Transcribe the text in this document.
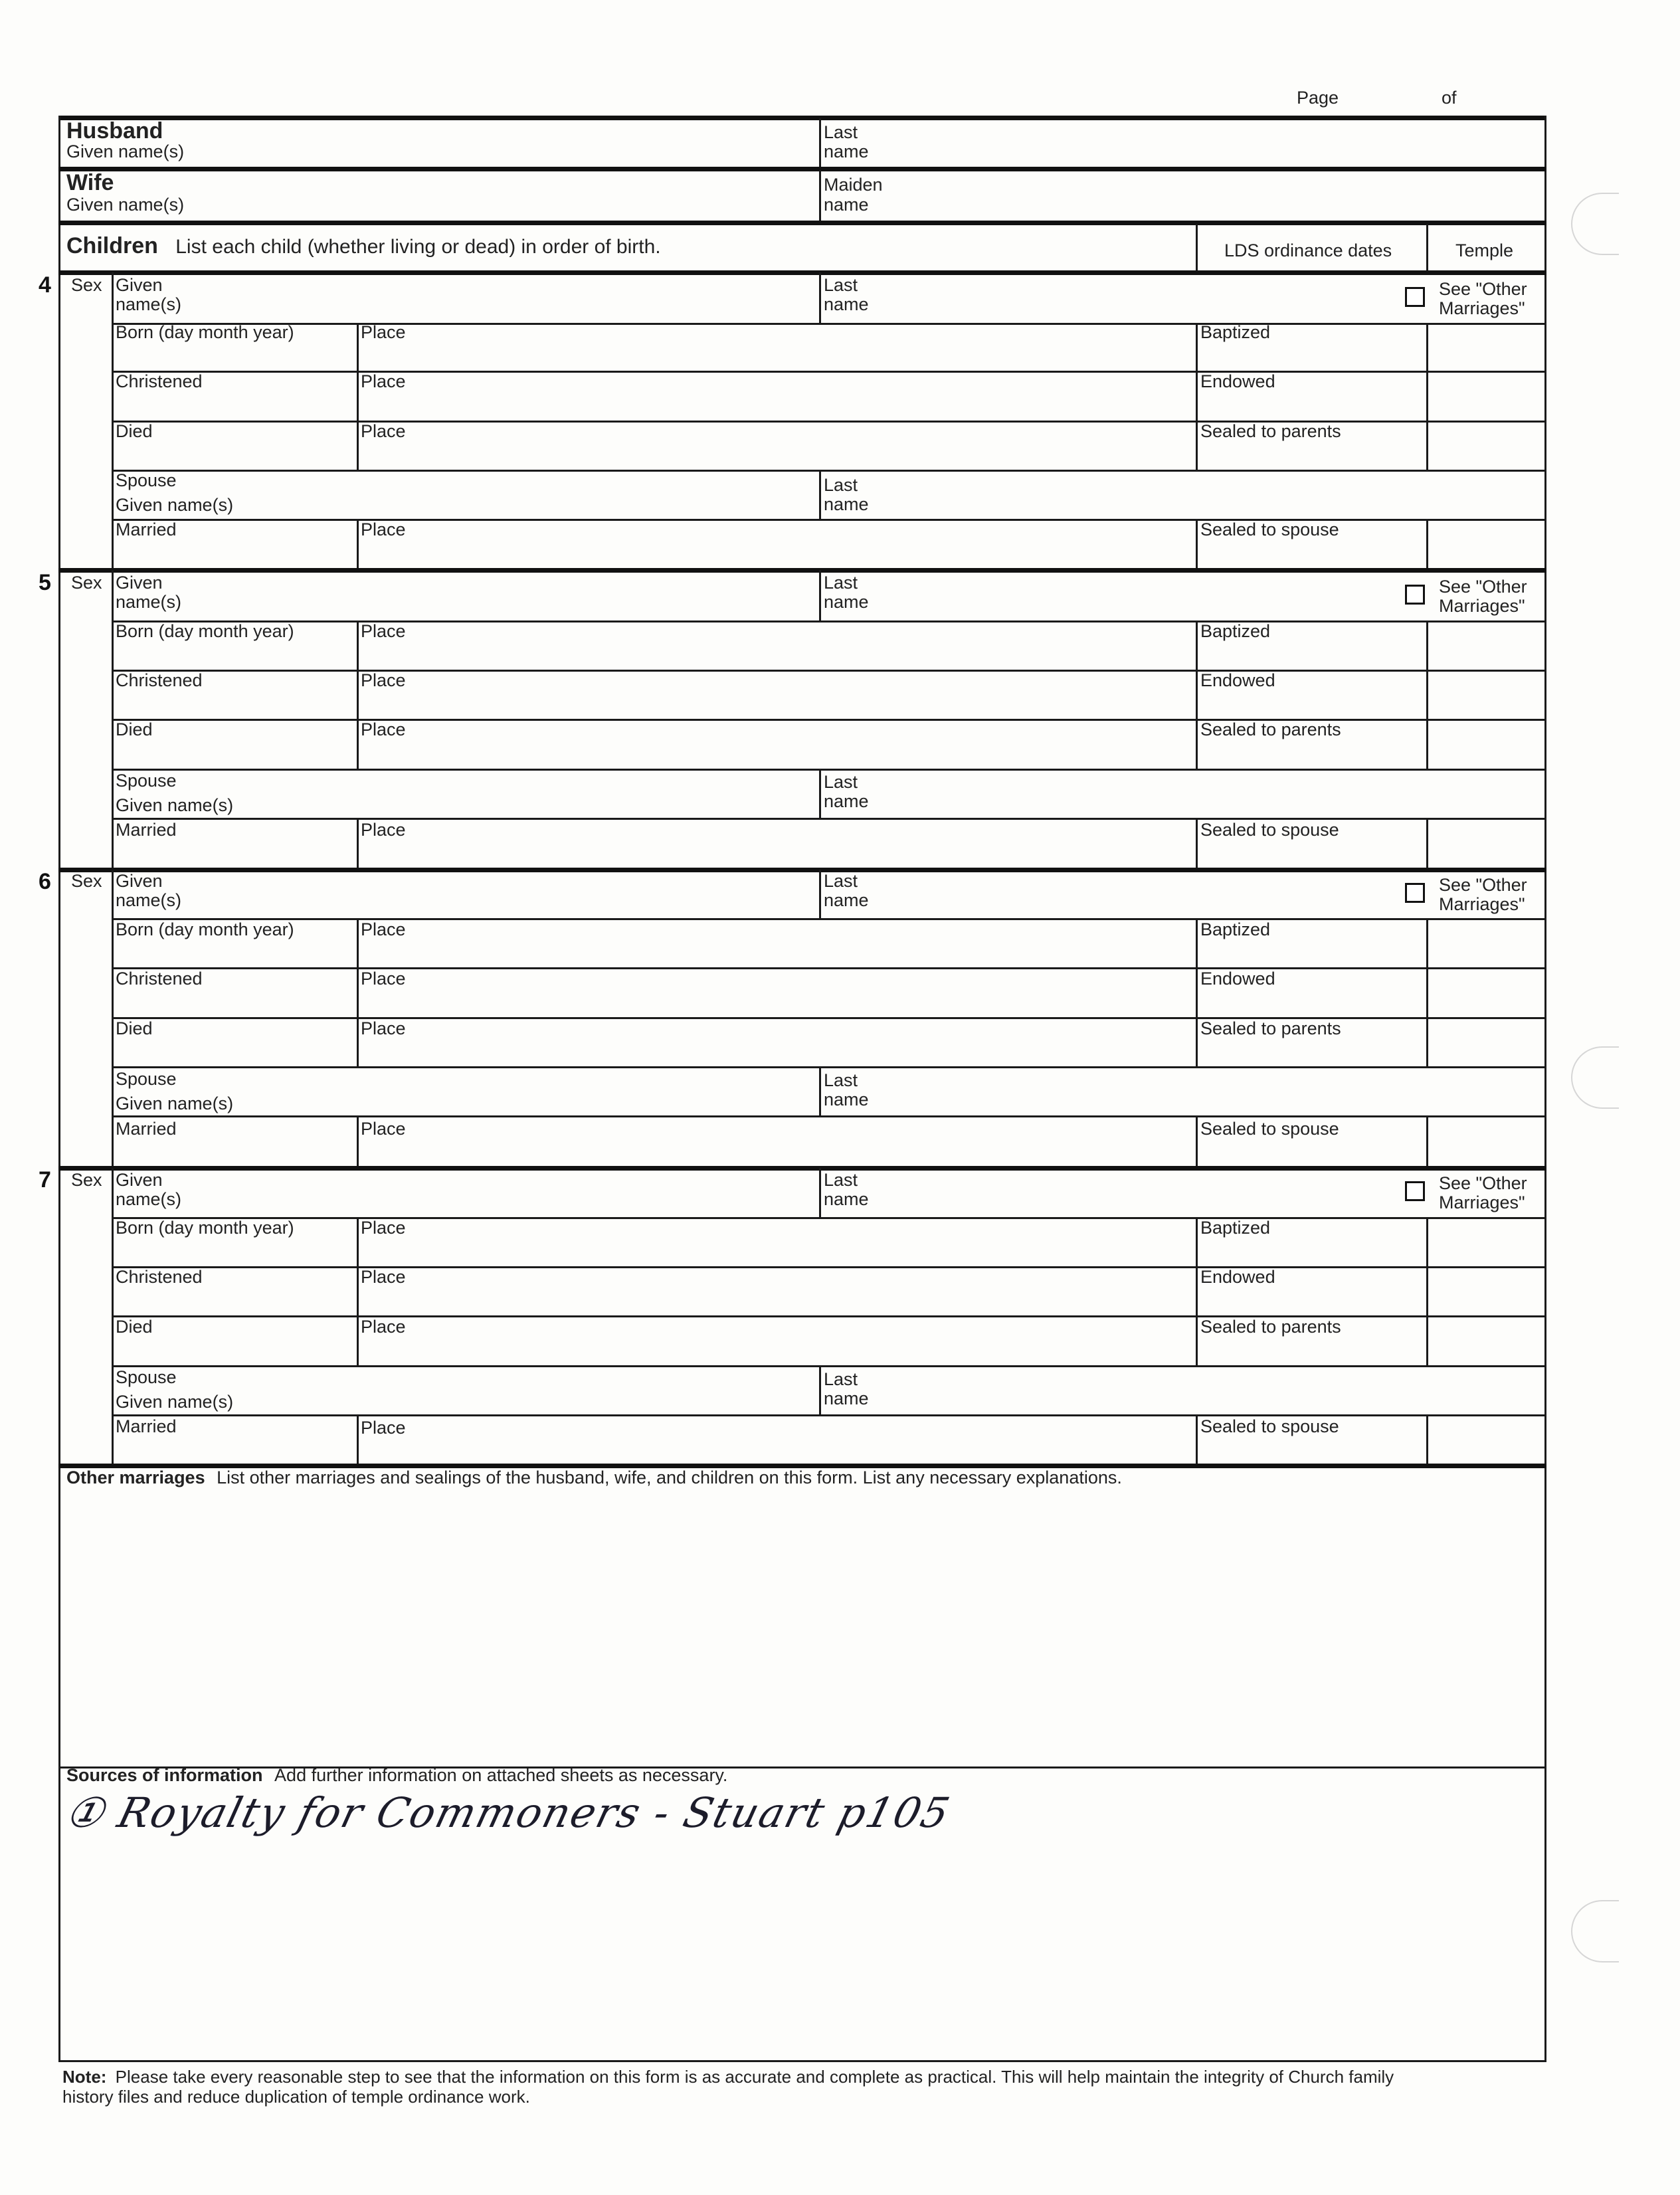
Page	of
Husband
Given name(s)
Last
name
Wife
Given name(s)
Maiden
name
Children List each child (whether living or dead) in order of birth.	LDS ordinance dates	Temple
4 Sex Given
name(s)
Last
name
See "Other
Marriages"
Born (day month year)	Place	Baptized
Christened	Place	Endowed
Died	Place	Sealed to parents
Spouse
Given name(s)
Last
name
Married	Place	Sealed to spouse
5 Sex Given
name(s)
Last
name
See "Other
Marriages"
Born (day month year)	Place	Baptized
Christened	Place	Endowed
Died	Place	Sealed to parents
Spouse
Given name(s)
Last
name
Married	Place	Sealed to spouse
6 Sex Given
name(s)
Last
name
See "Other
Marriages"
Born (day month year)	Place	Baptized
Christened	Place	Endowed
Died	Place	Sealed to parents
Spouse
Given name(s)
Last
name
Married	Place	Sealed to spouse
7 Sex Given
name(s)
Last
name
See "Other
Marriages"
Born (day month year)	Place	Baptized
Christened	Place	Endowed
Died	Place	Sealed to parents
Spouse
Given name(s)
Last
name
Married	Place	Sealed to spouse
Other marriages List other marriages and sealings of the husband, wife, and children on this form. List any necessary explanations.
Sources of information Add further information on attached sheets as necessary.
① Royalty for Commoners - Stuart p105
Note: Please take every reasonable step to see that the information on this form is as accurate and complete as practical. This will help maintain the integrity of Church family
history files and reduce duplication of temple ordinance work.
